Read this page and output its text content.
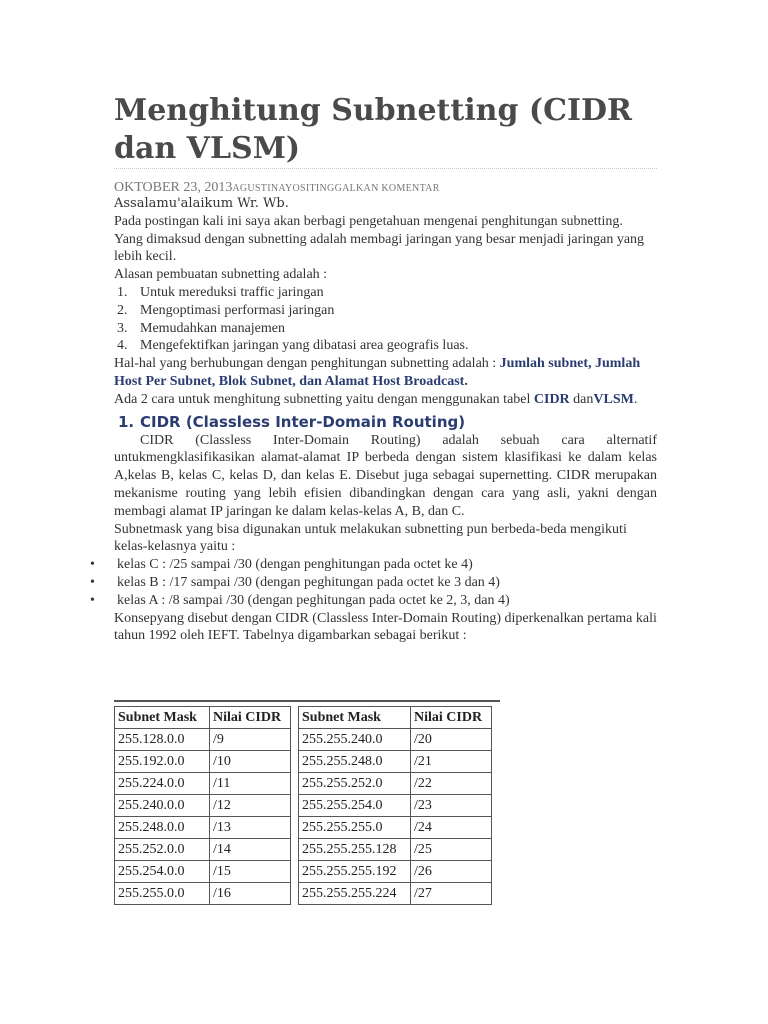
Menghitung Subnetting (CIDR dan VLSM)
OKTOBER 23, 2013AGUSTINAYOSITINGGALKAN KOMENTAR

Assalamu'alaikum Wr. Wb.

Pada postingan kali ini saya akan berbagi pengetahuan mengenai penghitungan subnetting.

Yang dimaksud dengan subnetting adalah membagi jaringan yang besar menjadi jaringan yang lebih kecil.

Alasan pembuatan subnetting adalah :

1. Untuk mereduksi traffic jaringan
2. Mengoptimasi performasi jaringan
3. Memudahkan manajemen
4. Mengefektifkan jaringan yang dibatasi area geografis luas.

Hal-hal yang berhubungan dengan penghitungan subnetting adalah : Jumlah subnet, Jumlah Host Per Subnet, Blok Subnet, dan Alamat Host Broadcast.

Ada 2 cara untuk menghitung subnetting yaitu dengan menggunakan tabel CIDR danVLSM.

1. CIDR (Classless Inter-Domain Routing)

CIDR (Classless Inter-Domain Routing) adalah sebuah cara alternatif untukmengklasifikasikan alamat-alamat IP berbeda dengan sistem klasifikasi ke dalam kelas A,kelas B, kelas C, kelas D, dan kelas E. Disebut juga sebagai supernetting. CIDR merupakan mekanisme routing yang lebih efisien dibandingkan dengan cara yang asli, yakni dengan membagi alamat IP jaringan ke dalam kelas-kelas A, B, dan C.

Subnetmask yang bisa digunakan untuk melakukan subnetting pun berbeda-beda mengikuti kelas-kelasnya yaitu :

• kelas C : /25 sampai /30 (dengan penghitungan pada octet ke 4)
• kelas B : /17 sampai /30 (dengan peghitungan pada octet ke 3 dan 4)
• kelas A : /8 sampai /30 (dengan peghitungan pada octet ke 2, 3, dan 4)

Konsepyang disebut dengan CIDR (Classless Inter-Domain Routing) diperkenalkan pertama kali tahun 1992 oleh IEFT. Tabelnya digambarkan sebagai berikut :

Subnet Mask	Nilai CIDR
255.128.0.0	/9
255.192.0.0	/10
255.224.0.0	/11
255.240.0.0	/12
255.248.0.0	/13
255.252.0.0	/14
255.254.0.0	/15
255.255.0.0	/16
Subnet Mask	Nilai CIDR
255.255.240.0	/20
255.255.248.0	/21
255.255.252.0	/22
255.255.254.0	/23
255.255.255.0	/24
255.255.255.128	/25
255.255.255.192	/26
255.255.255.224	/27
